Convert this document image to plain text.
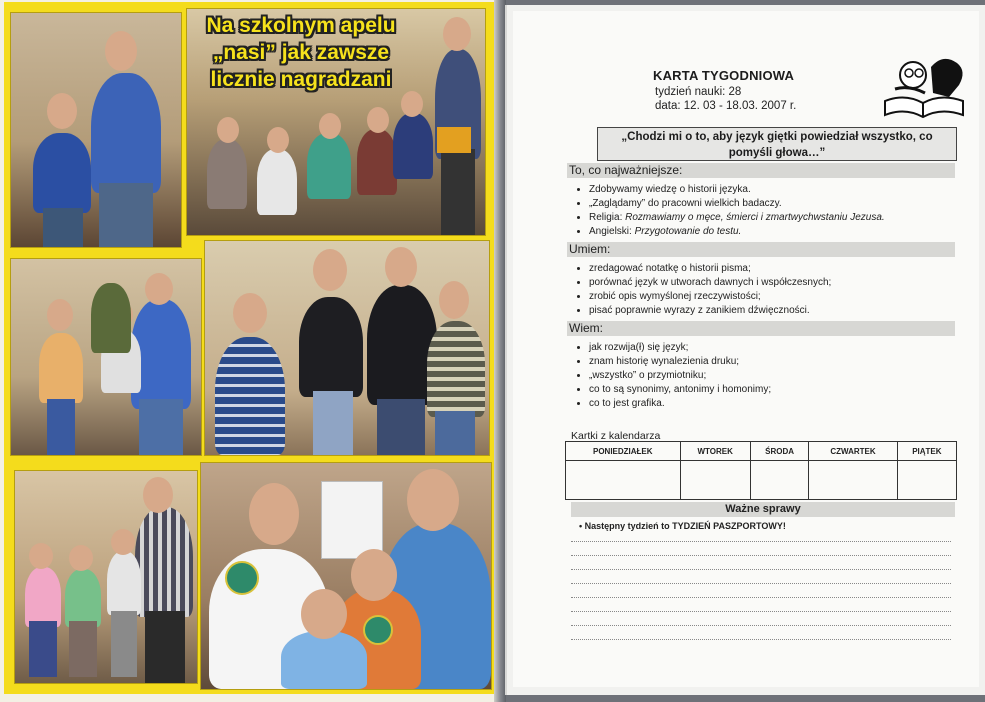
Na szkolnym apelu
„nasi” jak zawsze
licznie nagradzani	KARTA TYGODNIOWA
tydzień nauki: 28
data: 12. 03 - 18.03. 2007 r.
„Chodzi mi o to, aby język giętki powiedział wszystko, co
pomyśli głowa…”
To, co najważniejsze:
• Zdobywamy wiedzę o historii języka.
• „Zaglądamy” do pracowni wielkich badaczy.
• Religia: Rozmawiamy o męce, śmierci i zmartwychwstaniu Jezusa.
• Angielski: Przygotowanie do testu.
Umiem:
• zredagować notatkę o historii pisma;
• porównać język w utworach dawnych i współczesnych;
• zrobić opis wymyślonej rzeczywistości;
• pisać poprawnie wyrazy z zanikiem dźwięczności.
Wiem:
• jak rozwija(ł) się język;
• znam historię wynalezienia druku;
• „wszystko” o przymiotniku;
• co to są synonimy, antonimy i homonimy;
• co to jest grafika.
Kartki z kalendarza
PONIEDZIAŁEK	WTOREK	ŚRODA	CZWARTEK	PIĄTEK

Ważne sprawy
• Następny tydzień to TYDZIEŃ PASZPORTOWY!
